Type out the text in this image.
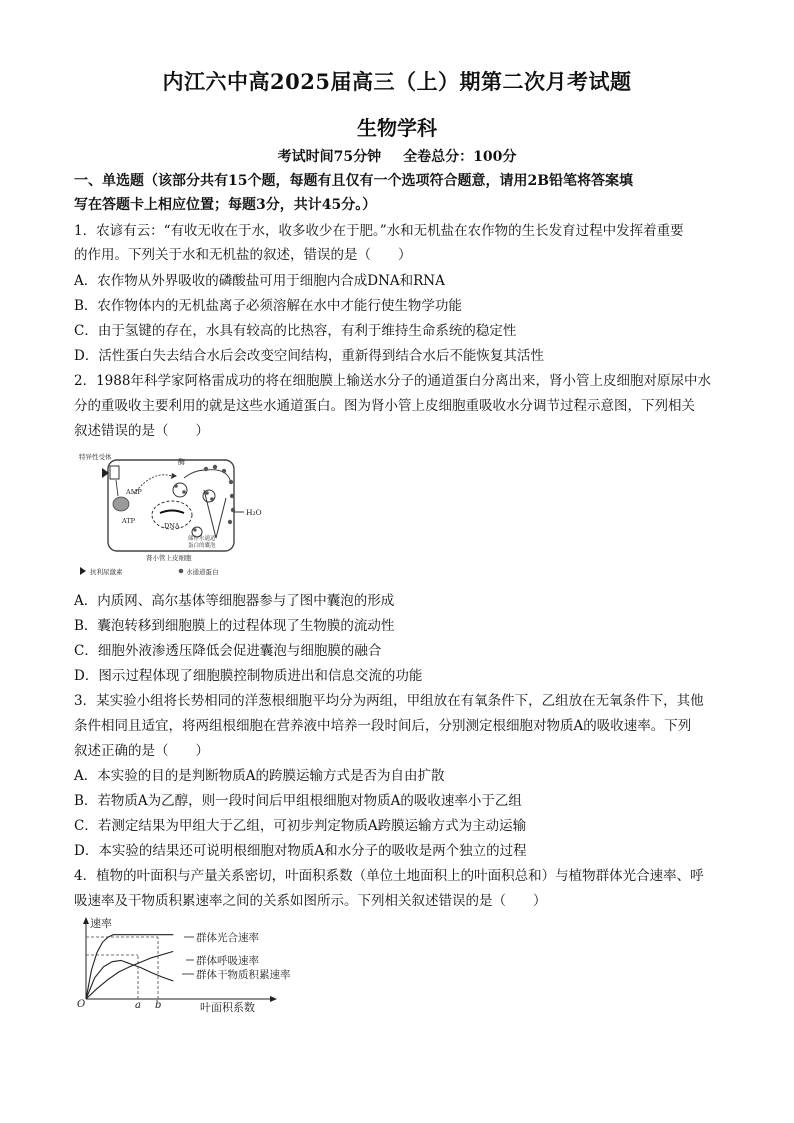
内江六中高2025届高三（上）期第二次月考试题
生物学科
考试时间75分钟 全卷总分：100分
一、单选题（该部分共有15个题，每题有且仅有一个选项符合题意，请用2B铅笔将答案填
写在答题卡上相应位置；每题3分，共计45分。）
1．农谚有云：“有收无收在于水，收多收少在于肥。”水和无机盐在农作物的生长发育过程中发挥着重要
的作用。下列关于水和无机盐的叙述，错误的是（　　）
A．农作物从外界吸收的磷酸盐可用于细胞内合成DNA和RNA
B．农作物体内的无机盐离子必须溶解在水中才能行使生物学功能
C．由于氢键的存在，水具有较高的比热容，有利于维持生命系统的稳定性
D．活性蛋白失去结合水后会改变空间结构，重新得到结合水后不能恢复其活性
2．1988年科学家阿格雷成功的将在细胞膜上输送水分子的通道蛋白分离出来，肾小管上皮细胞对原尿中水
分的重吸收主要利用的就是这些水通道蛋白。图为肾小管上皮细胞重吸收水分调节过程示意图，下列相关
叙述错误的是（　　）
特异性受体
AMP
ATP
酶
DNA
H₂O
储存水通道
蛋白的囊泡
肾小管上皮细胞
抗利尿激素	水通道蛋白
A．内质网、高尔基体等细胞器参与了图中囊泡的形成
B．囊泡转移到细胞膜上的过程体现了生物膜的流动性
C．细胞外液渗透压降低会促进囊泡与细胞膜的融合
D．图示过程体现了细胞膜控制物质进出和信息交流的功能
3．某实验小组将长势相同的洋葱根细胞平均分为两组，甲组放在有氧条件下，乙组放在无氧条件下，其他
条件相同且适宜，将两组根细胞在营养液中培养一段时间后，分别测定根细胞对物质A的吸收速率。下列
叙述正确的是（　　）
A．本实验的目的是判断物质A的跨膜运输方式是否为自由扩散
B．若物质A为乙醇，则一段时间后甲组根细胞对物质A的吸收速率小于乙组
C．若测定结果为甲组大于乙组，可初步判定物质A跨膜运输方式为主动运输
D．本实验的结果还可说明根细胞对物质A和水分子的吸收是两个独立的过程
4．植物的叶面积与产量关系密切，叶面积系数（单位土地面积上的叶面积总和）与植物群体光合速率、呼
吸速率及干物质积累速率之间的关系如图所示。下列相关叙述错误的是（　　）
速率
叶面积系数
O	a b
群体光合速率
群体呼吸速率
群体干物质积累速率
